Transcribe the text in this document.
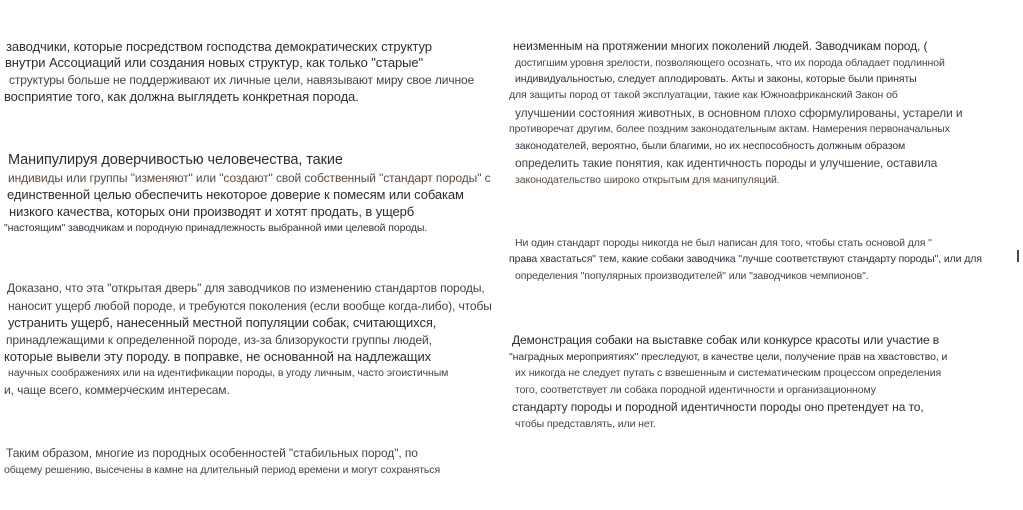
заводчики, которые посредством господства демократических структур
внутри Ассоциаций или создания новых структур, как только "старые"
структуры больше не поддерживают их личные цели, навязывают миру свое личное
восприятие того, как должна выглядеть конкретная порода.
Манипулируя доверчивостью человечества, такие
индивиды или группы "изменяют" или "создают" свой собственный "стандарт породы" с
единственной целью обеспечить некоторое доверие к помесям или собакам
низкого качества, которых они производят и хотят продать, в ущерб
"настоящим" заводчикам и породную принадлежность выбранной ими целевой породы.
Доказано, что эта "открытая дверь" для заводчиков по изменению стандартов породы,
наносит ущерб любой породе, и требуются поколения (если вообще когда-либо), чтобы
устранить ущерб, нанесенный местной популяции собак, считающихся,
принадлежащими к определенной породе, из-за близорукости группы людей,
которые вывели эту породу. в поправке, не основанной на надлежащих
научных соображениях или на идентификации породы, в угоду личным, часто эгоистичным
и, чаще всего, коммерческим интересам.
Таким образом, многие из породных особенностей "стабильных пород", по
общему решению, высечены в камне на длительный период времени и могут сохраняться
неизменным на протяжении многих поколений людей. Заводчикам пород, (
достигшим уровня зрелости, позволяющего осознать, что их порода обладает подлинной
индивидуальностью, следует аплодировать. Акты и законы, которые были приняты
для защиты пород от такой эксплуатации, такие как Южноафриканский Закон об
улучшении состояния животных, в основном плохо сформулированы, устарели и
противоречат другим, более поздним законодательным актам. Намерения первоначальных
законодателей, вероятно, были благими, но их неспособность должным образом
определить такие понятия, как идентичность породы и улучшение, оставила
законодательство широко открытым для манипуляций.
Ни один стандарт породы никогда не был написан для того, чтобы стать основой для "
права хвастаться" тем, какие собаки заводчика "лучше соответствуют стандарту породы", или для
определения "популярных производителей" или "заводчиков чемпионов".
Демонстрация собаки на выставке собак или конкурсе красоты или участие в
"наградных мероприятиях" преследуют, в качестве цели, получение прав на хвастовство, и
их никогда не следует путать с взвешенным и систематическим процессом определения
того, соответствует ли собака породной идентичности и организационному
стандарту породы и породной идентичности породы оно претендует на то,
чтобы представлять, или нет.
